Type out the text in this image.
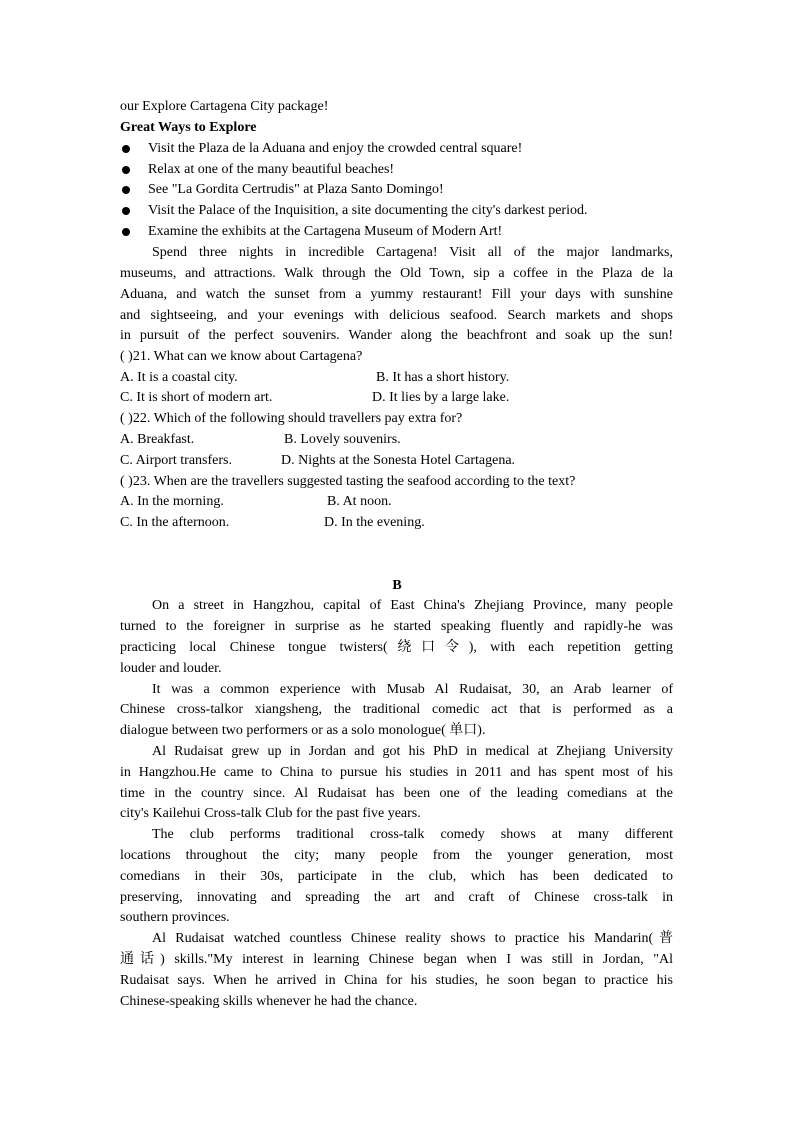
our Explore Cartagena City package!
Great Ways to Explore
Visit the Plaza de la Aduana and enjoy the crowded central square!
Relax at one of the many beautiful beaches!
See "La Gordita Certrudis" at Plaza Santo Domingo!
Visit the Palace of the Inquisition, a site documenting the city's darkest period.
Examine the exhibits at the Cartagena Museum of Modern Art!
Spend three nights in incredible Cartagena! Visit all of the major landmarks,
museums, and attractions. Walk through the Old Town, sip a coffee in the Plaza de la
Aduana, and watch the sunset from a yummy restaurant! Fill your days with sunshine
and sightseeing, and your evenings with delicious seafood. Search markets and shops
in pursuit of the perfect souvenirs. Wander along the beachfront and soak up the sun!
( )21. What can we know about Cartagena?
A. It is a coastal city.	B. It has a short history.
C. It is short of modern art.	D. It lies by a large lake.
( )22. Which of the following should travellers pay extra for?
A. Breakfast.	B. Lovely souvenirs.
C. Airport transfers.	D. Nights at the Sonesta Hotel Cartagena.
( )23. When are the travellers suggested tasting the seafood according to the text?
A. In the morning.	B. At noon.
C. In the afternoon.	D. In the evening.
B
On a street in Hangzhou, capital of East China's Zhejiang Province, many people
turned to the foreigner in surprise as he started speaking fluently and rapidly-he was
practicing local Chinese tongue twisters(绕口令), with each repetition getting
louder and louder.
It was a common experience with Musab Al Rudaisat, 30, an Arab learner of
Chinese cross-talkor xiangsheng, the traditional comedic act that is performed as a
dialogue between two performers or as a solo monologue( 单口).
Al Rudaisat grew up in Jordan and got his PhD in medical at Zhejiang University
in Hangzhou.He came to China to pursue his studies in 2011 and has spent most of his
time in the country since. Al Rudaisat has been one of the leading comedians at the
city's Kailehui Cross-talk Club for the past five years.
The club performs traditional cross-talk comedy shows at many different
locations throughout the city; many people from the younger generation, most
comedians in their 30s, participate in the club, which has been dedicated to
preserving, innovating and spreading the art and craft of Chinese cross-talk in
southern provinces.
Al Rudaisat watched countless Chinese reality shows to practice his Mandarin(普
通话) skills."My interest in learning Chinese began when I was still in Jordan, "Al
Rudaisat says. When he arrived in China for his studies, he soon began to practice his
Chinese-speaking skills whenever he had the chance.
